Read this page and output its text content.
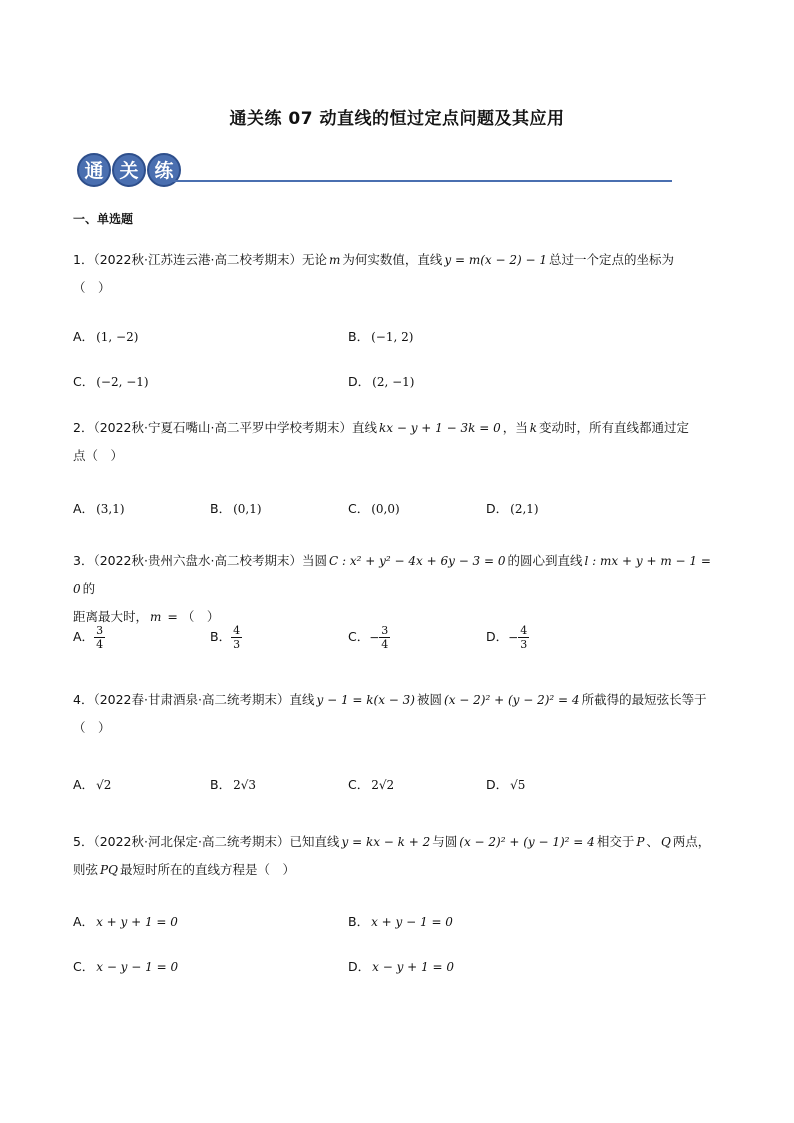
通关练 07 动直线的恒过定点问题及其应用
通 关 练
一、单选题
1．（2022秋·江苏连云港·高二校考期末）无论 m 为何实数值，直线 y = m(x − 2) − 1 总过一个定点的坐标为
（　）
A． (1, −2)	B． (−1, 2)
C． (−2, −1)	D． (2, −1)
2．（2022秋·宁夏石嘴山·高二平罗中学校考期末）直线 kx − y + 1 − 3k = 0 ，当 k 变动时，所有直线都通过定
点（　）
A． (3,1)	B． (0,1)	C． (0,0)	D． (2,1)
3．（2022秋·贵州六盘水·高二校考期末）当圆 C : x² + y² − 4x + 6y − 3 = 0 的圆心到直线 l : mx + y + m − 1 = 0 的
距离最大时， m = （　）
A． $\frac{3}{4}$	B． $\frac{4}{3}$	C．− $\frac{3}{4}$	D．− $\frac{4}{3}$
4．（2022春·甘肃酒泉·高二统考期末）直线 y − 1 = k(x − 3) 被圆 (x − 2)² + (y − 2)² = 4 所截得的最短弦长等于
（　）
A． √2	B． 2√3	C． 2√2	D． √5
5．（2022秋·河北保定·高二统考期末）已知直线 y = kx − k + 2 与圆 (x − 2)² + (y − 1)² = 4 相交于 P 、 Q 两点，
则弦 PQ 最短时所在的直线方程是（　）
A． x + y + 1 = 0	B． x + y − 1 = 0
C． x − y − 1 = 0	D． x − y + 1 = 0
